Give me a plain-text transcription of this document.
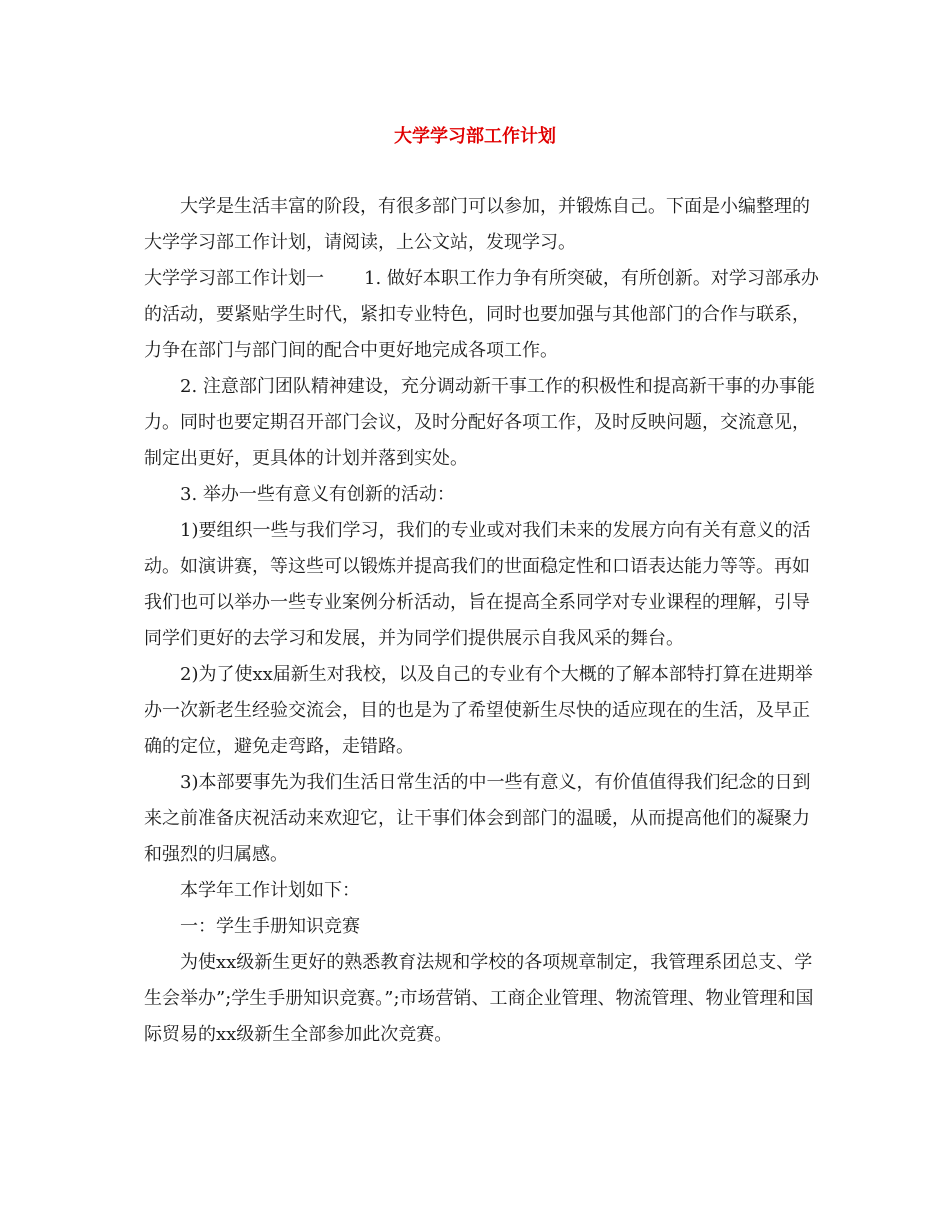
大学学习部工作计划

大学是生活丰富的阶段，有很多部门可以参加，并锻炼自己。下面是小编整理的大学学习部工作计划，请阅读，上公文站，发现学习。

大学学习部工作计划一 1. 做好本职工作力争有所突破，有所创新。对学习部承办的活动，要紧贴学生时代，紧扣专业特色，同时也要加强与其他部门的合作与联系，力争在部门与部门间的配合中更好地完成各项工作。

2. 注意部门团队精神建设，充分调动新干事工作的积极性和提高新干事的办事能力。同时也要定期召开部门会议，及时分配好各项工作，及时反映问题，交流意见，制定出更好，更具体的计划并落到实处。

3. 举办一些有意义有创新的活动：

1)要组织一些与我们学习，我们的专业或对我们未来的发展方向有关有意义的活动。如演讲赛，等这些可以锻炼并提高我们的世面稳定性和口语表达能力等等。再如我们也可以举办一些专业案例分析活动，旨在提高全系同学对专业课程的理解，引导同学们更好的去学习和发展，并为同学们提供展示自我风采的舞台。

2)为了使xx届新生对我校，以及自己的专业有个大概的了解本部特打算在进期举办一次新老生经验交流会，目的也是为了希望使新生尽快的适应现在的生活，及早正确的定位，避免走弯路，走错路。

3)本部要事先为我们生活日常生活的中一些有意义，有价值值得我们纪念的日到来之前准备庆祝活动来欢迎它，让干事们体会到部门的温暖，从而提高他们的凝聚力和强烈的归属感。

本学年工作计划如下：

一：学生手册知识竞赛

为使xx级新生更好的熟悉教育法规和学校的各项规章制定，我管理系团总支、学生会举办”;学生手册知识竞赛。”;市场营销、工商企业管理、物流管理、物业管理和国际贸易的xx级新生全部参加此次竞赛。
